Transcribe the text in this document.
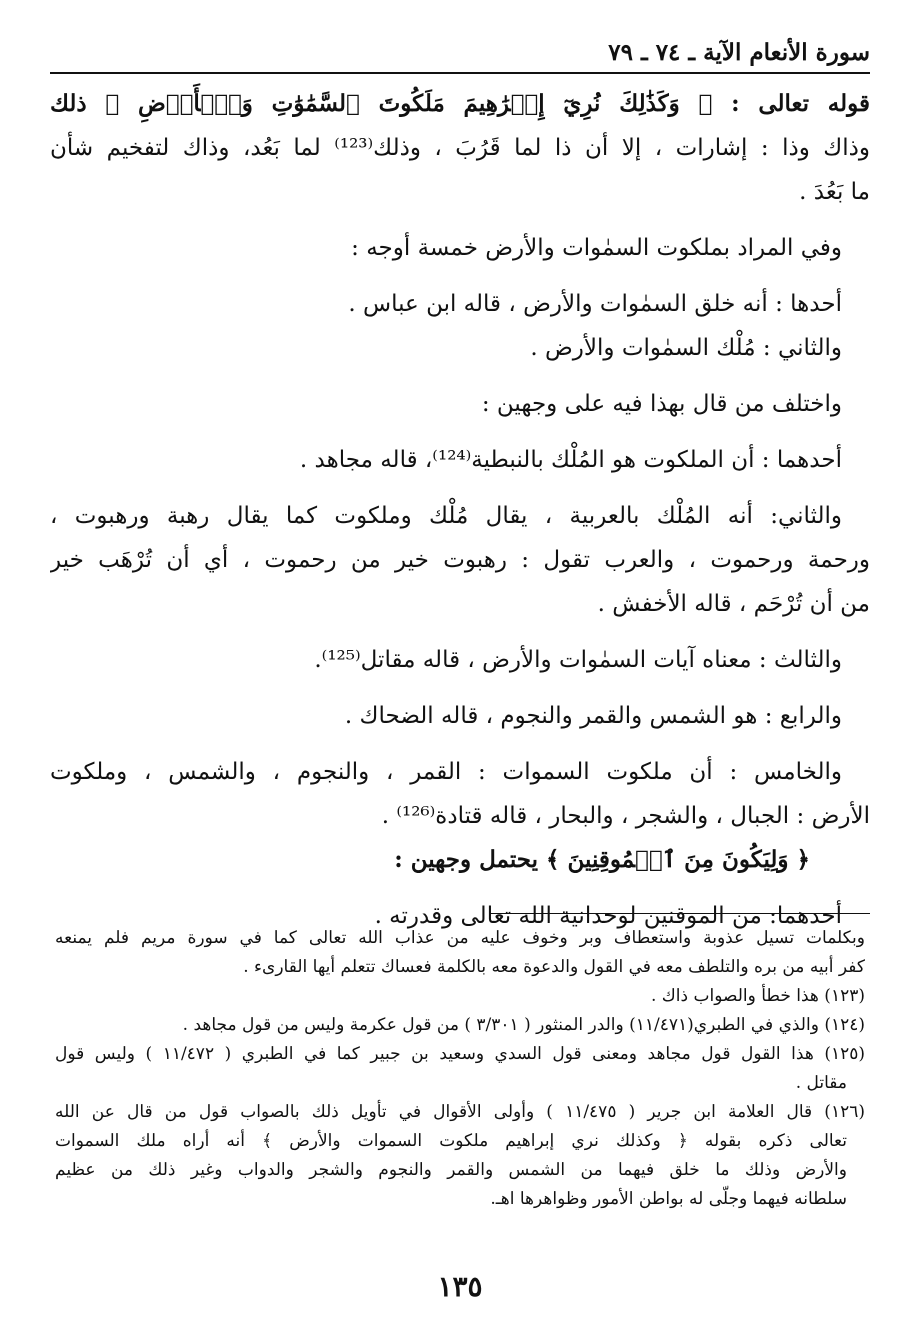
سورة الأنعام الآية ـ ٧٤ ـ ٧٩
قوله تعالى : ﴿ وَكَذَٰلِكَ نُرِيٓ إِبۡرَٰهِيمَ مَلَكُوتَ ٱلسَّمَٰوَٰتِ وَٱلۡأَرۡضِ ﴾ ذلك
وذاك وذا : إشارات ، إلا أن ذا لما قَرُبَ ، وذلك⁽¹²³⁾ لما بَعُد، وذاك لتفخيم شأن
ما بَعُدَ .
وفي المراد بملكوت السمٰوات والأرض خمسة أوجه :
أحدها : أنه خلق السمٰوات والأرض ، قاله ابن عباس .
والثاني : مُلْك السمٰوات والأرض .
واختلف من قال بهذا فيه على وجهين :
أحدهما : أن الملكوت هو المُلْك بالنبطية⁽¹²⁴⁾، قاله مجاهد .
والثاني: أنه المُلْك بالعربية ، يقال مُلْك وملكوت كما يقال رهبة ورهبوت ،
ورحمة ورحموت ، والعرب تقول : رهبوت خير من رحموت ، أي أن تُرْهَب خير
من أن تُرْحَم ، قاله الأخفش .
والثالث : معناه آيات السمٰوات والأرض ، قاله مقاتل⁽¹²⁵⁾.
والرابع : هو الشمس والقمر والنجوم ، قاله الضحاك .
والخامس : أن ملكوت السموات : القمر ، والنجوم ، والشمس ، وملكوت
الأرض : الجبال ، والشجر ، والبحار ، قاله قتادة⁽¹²⁶⁾ .
﴿ وَلِيَكُونَ مِنَ ٱلۡمُوقِنِينَ ﴾ يحتمل وجهين :
أحدهما: من الموقنين لوحدانية الله تعالى وقدرته .
وبكلمات تسيل عذوبة واستعطاف وبر وخوف عليه من عذاب الله تعالى كما في سورة مريم فلم يمنعه
كفر أبيه من بره والتلطف معه في القول والدعوة معه بالكلمة فعساك تتعلم أيها القارىء .
(١٢٣) هذا خطأ والصواب ذاك .
(١٢٤) والذي في الطبري(١١/٤٧١) والدر المنثور ( ٣/٣٠١ ) من قول عكرمة وليس من قول مجاهد .
(١٢٥) هذا القول قول مجاهد ومعنى قول السدي وسعيد بن جبير كما في الطبري ( ١١/٤٧٢ ) وليس قول
مقاتل .
(١٢٦) قال العلامة ابن جرير ( ١١/٤٧٥ ) وأولى الأقوال في تأويل ذلك بالصواب قول من قال عن الله
تعالى ذكره بقوله ﴿ وكذلك نري إبراهيم ملكوت السموات والأرض ﴾ أنه أراه ملك السموات
والأرض وذلك ما خلق فيهما من الشمس والقمر والنجوم والشجر والدواب وغير ذلك من عظيم
سلطانه فيهما وجلّى له بواطن الأمور وظواهرها اهـ.
١٣٥
